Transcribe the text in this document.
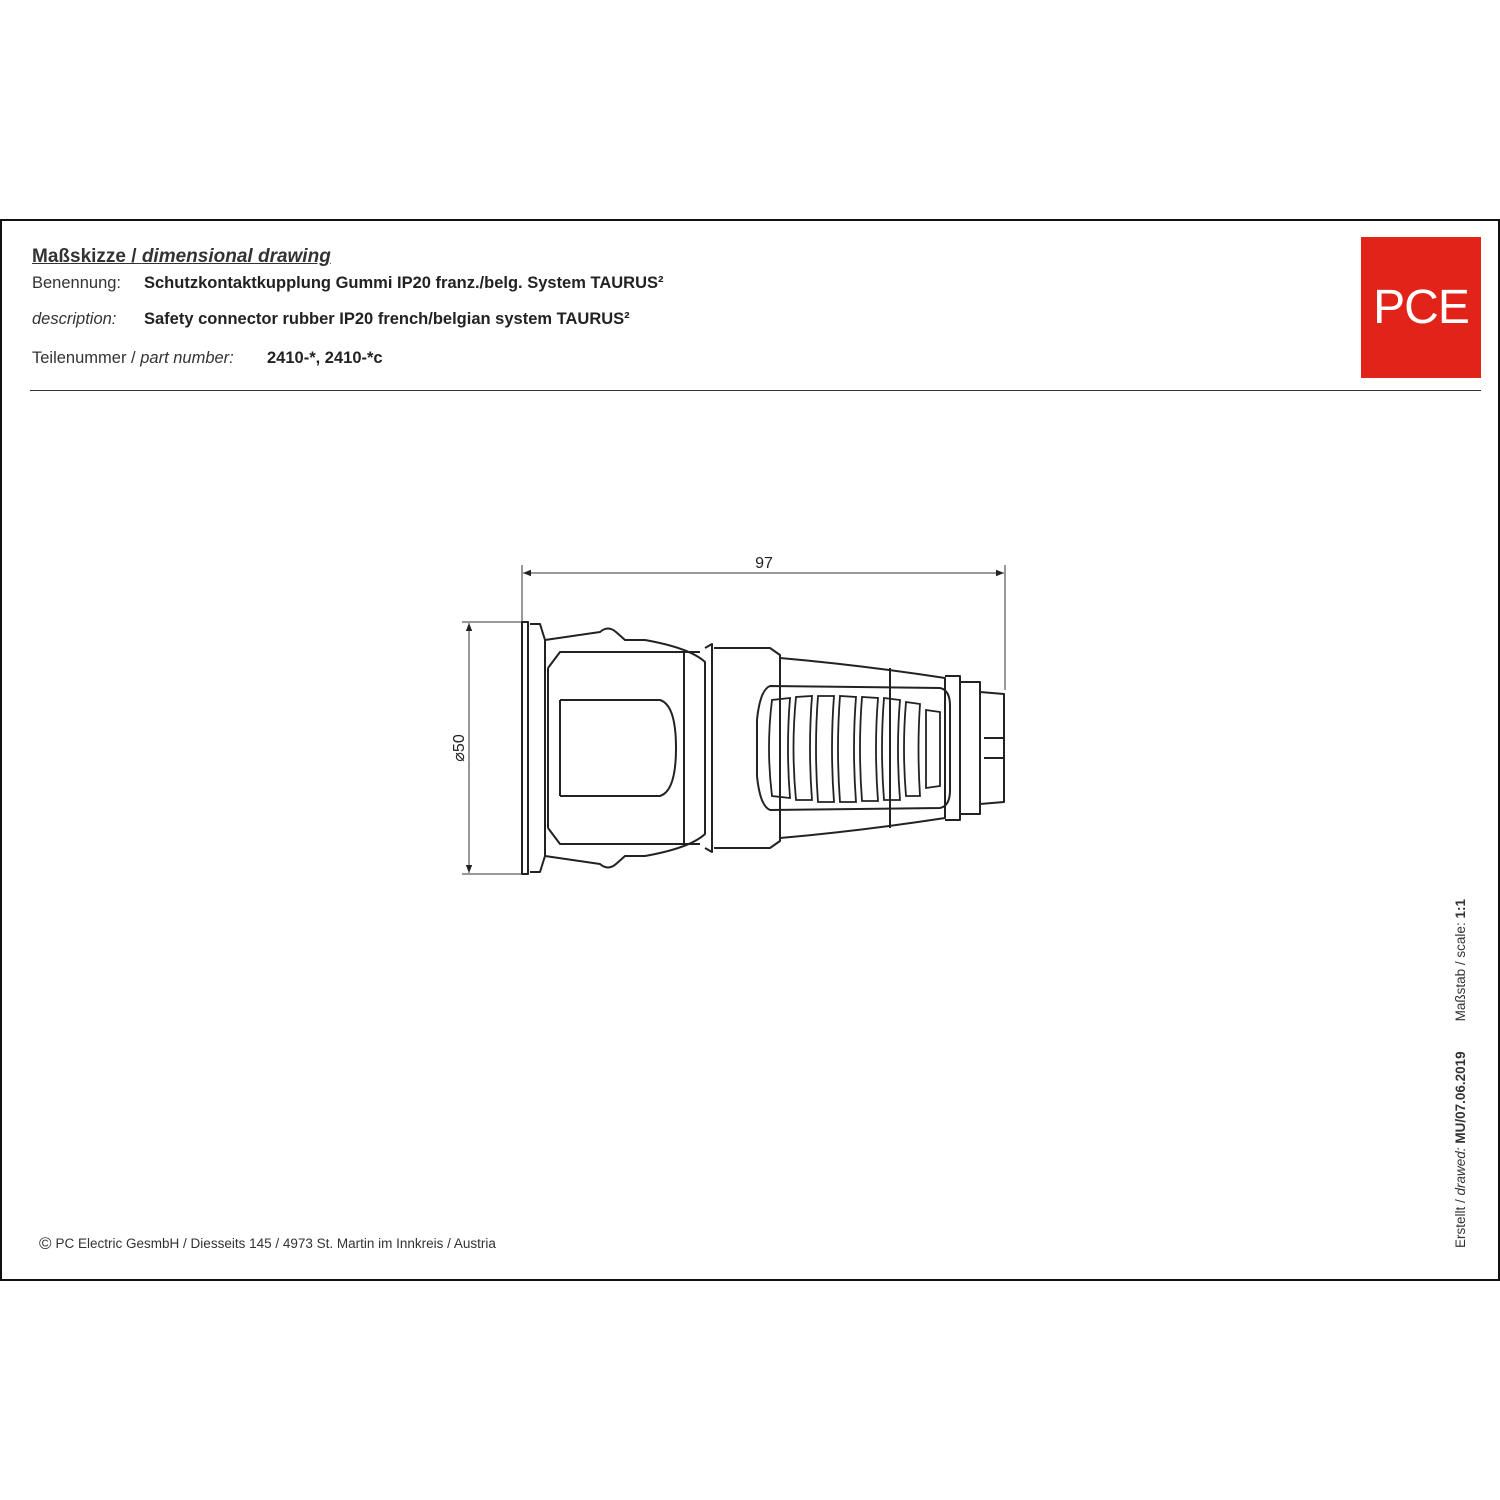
Maßskizze / dimensional drawing
Benennung: Schutzkontaktkupplung Gummi IP20 franz./belg. System TAURUS²
description: Safety connector rubber IP20 french/belgian system TAURUS²
Teilenummer / part number: 2410-*, 2410-*c
PCE
© PC Electric GesmbH / Diesseits 145 / 4973 St. Martin im Innkreis / Austria	Erstellt / drawed: MU/07.06.2019        Maßstab / scale: 1:1
97
⌀50
